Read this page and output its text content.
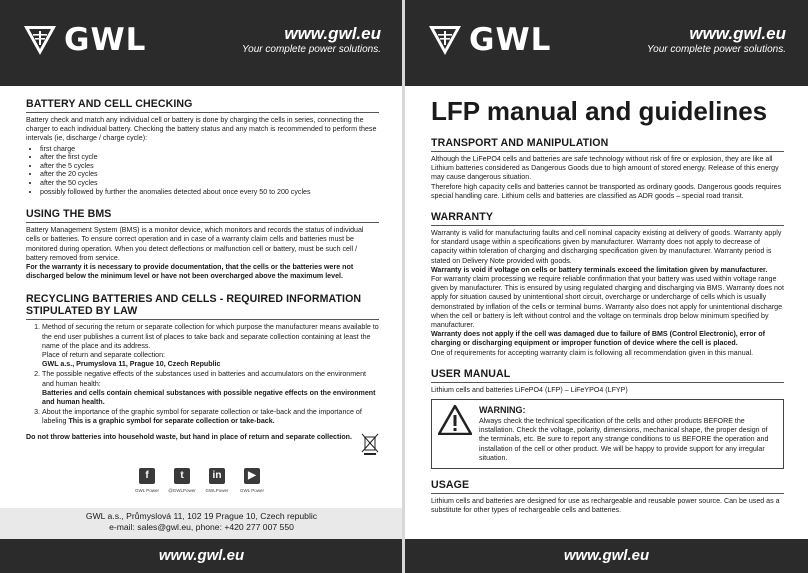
GWL	www.gwl.eu
Your complete power solutions.
BATTERY AND CELL CHECKING

Battery check and match any individual cell or battery is done by charging the cells in series, connecting the charger to each individual battery. Checking the battery status and any match is recommended to perform these intervals (ie, discharge / charge cycle):

• first charge
• after the first cycle
• after the 5 cycles
• after the 20 cycles
• after the 50 cycles
• possibly followed by further the anomalies detected about once every 50 to 200 cycles
USING THE BMS

Battery Management System (BMS) is a monitor device, which monitors and records the status of individual cells or batteries. To ensure correct operation and in case of a warranty claim cells and batteries must be monitored during operation. When you detect deflections or malfunction cell or battery, must be such cell / battery removed from service.

For the warranty it is necessary to provide documentation, that the cells or the batteries were not discharged below the minimum level or have not been overcharged above the maximum level.

RECYCLING BATTERIES AND CELLS - REQUIRED INFORMATION STIPULATED BY LAW

1. Method of securing the return or separate collection for which purpose the manufacturer means available to the end user publishes a current list of places to take back and separate collection containing at least the name of the place and its address.

Place of return and separate collection:

GWL a.s., Prumyslova 11, Prague 10, Czech Republic

2. The possible negative effects of the substances used in batteries and accumulators on the environment and human health:

Batteries and cells contain chemical substances with possible negative effects on the environment and human health.

3. About the importance of the graphic symbol for separate collection or take-back and the importance of labeling This is a graphic symbol for separate collection or take-back.

Do not throw batteries into household waste, but hand in place of return and separate collection.

f
GWL Power
t
@GWLPower
in
GWLPower
▶
GWL Power
GWL a.s., Průmyslová 11, 102 19 Prague 10, Czech republic
e-mail: sales@gwl.eu, phone: +420 277 007 550
www.gwl.eu
GWL	www.gwl.eu
Your complete power solutions.
LFP manual and guidelines
TRANSPORT AND MANIPULATION

Although the LiFePO4 cells and batteries are safe technology without risk of fire or explosion, they are like all Lithium batteries considered as Dangerous Goods due to high amount of stored energy. Release of this energy may cause dangerous situation.

Therefore high capacity cells and batteries cannot be transported as ordinary goods. Dangerous goods requires special handling care. Lithium cells and batteries are classified as ADR goods – special road transit.

WARRANTY

Warranty is valid for manufacturing faults and cell nominal capacity existing at delivery of goods. Warranty apply for standard usage within a specifications given by manufacturer. Warranty does not apply to decrease of capacity within toleration of charging and discharging specification given by manufacturer. Warranty period is stated on Delivery Note provided with goods.

Warranty is void if voltage on cells or battery terminals exceed the limitation given by manufacturer.

For warranty claim processing we require reliable confirmation that your battery was used within voltage range given by manufacturer. This is ensured by using regulated charging and discharging via BMS. Warranty does not apply for situation caused by unintentional short circuit, overcharge or undercharge of cells which is usually demonstrated by inflation of the cells or terminal burns. Warranty also does not apply for unintentional discharge when the cell or battery is left without control and the voltage on terminals drop below minimum specified by manufacturer.

Warranty does not apply if the cell was damaged due to failure of BMS (Control Electronic), error of charging or discharging equipment or improper function of device where the cell is placed.

One of requirements for accepting warranty claim is following all recommendation given in this manual.

USER MANUAL

Lithium cells and batteries LiFePO4 (LFP) – LiFeYPO4 (LFYP)

WARNING:

Always check the technical specification of the cells and other products BEFORE the installation. Check the voltage, polarity, dimensions, mechanical shape, the proper design of the terminals, etc. Be sure to report any strange conditions to us BEFORE the operation and installation of the cell or other product. We will be happy to provide support for any irregular situation.

USAGE

Lithium cells and batteries are designed for use as rechargeable and reusable power source. Can be used as a substitute for other types of rechargeable cells and batteries.

www.gwl.eu
